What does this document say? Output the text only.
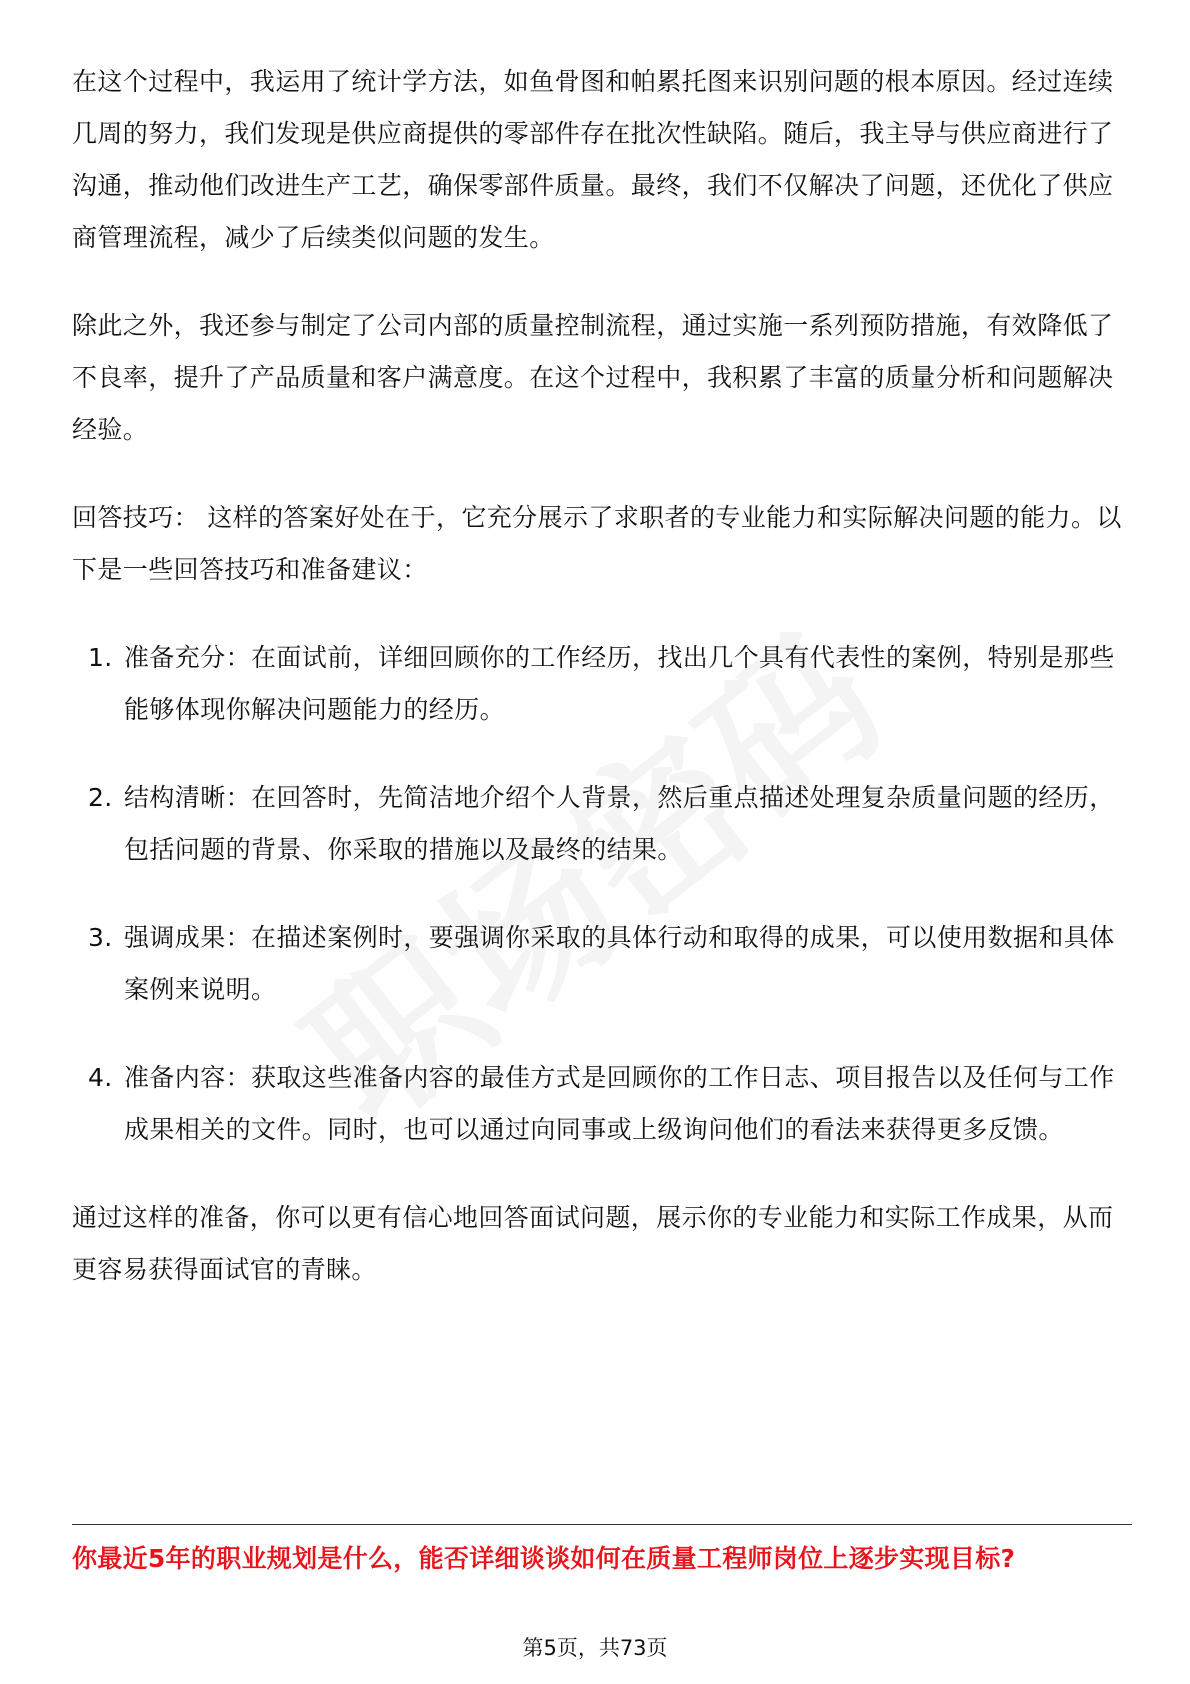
在这个过程中，我运用了统计学方法，如鱼骨图和帕累托图来识别问题的根本原因。经过连续几周的努力，我们发现是供应商提供的零部件存在批次性缺陷。随后，我主导与供应商进行了沟通，推动他们改进生产工艺，确保零部件质量。最终，我们不仅解决了问题，还优化了供应商管理流程，减少了后续类似问题的发生。

除此之外，我还参与制定了公司内部的质量控制流程，通过实施一系列预防措施，有效降低了不良率，提升了产品质量和客户满意度。在这个过程中，我积累了丰富的质量分析和问题解决经验。

回答技巧： 这样的答案好处在于，它充分展示了求职者的专业能力和实际解决问题的能力。以下是一些回答技巧和准备建议：

1. 准备充分：在面试前，详细回顾你的工作经历，找出几个具有代表性的案例，特别是那些能够体现你解决问题能力的经历。
2. 结构清晰：在回答时，先简洁地介绍个人背景，然后重点描述处理复杂质量问题的经历，包括问题的背景、你采取的措施以及最终的结果。
3. 强调成果：在描述案例时，要强调你采取的具体行动和取得的成果，可以使用数据和具体案例来说明。
4. 准备内容：获取这些准备内容的最佳方式是回顾你的工作日志、项目报告以及任何与工作成果相关的文件。同时，也可以通过向同事或上级询问他们的看法来获得更多反馈。

通过这样的准备，你可以更有信心地回答面试问题，展示你的专业能力和实际工作成果，从而更容易获得面试官的青睐。

你最近5年的职业规划是什么，能否详细谈谈如何在质量工程师岗位上逐步实现目标?
第5页，共73页
